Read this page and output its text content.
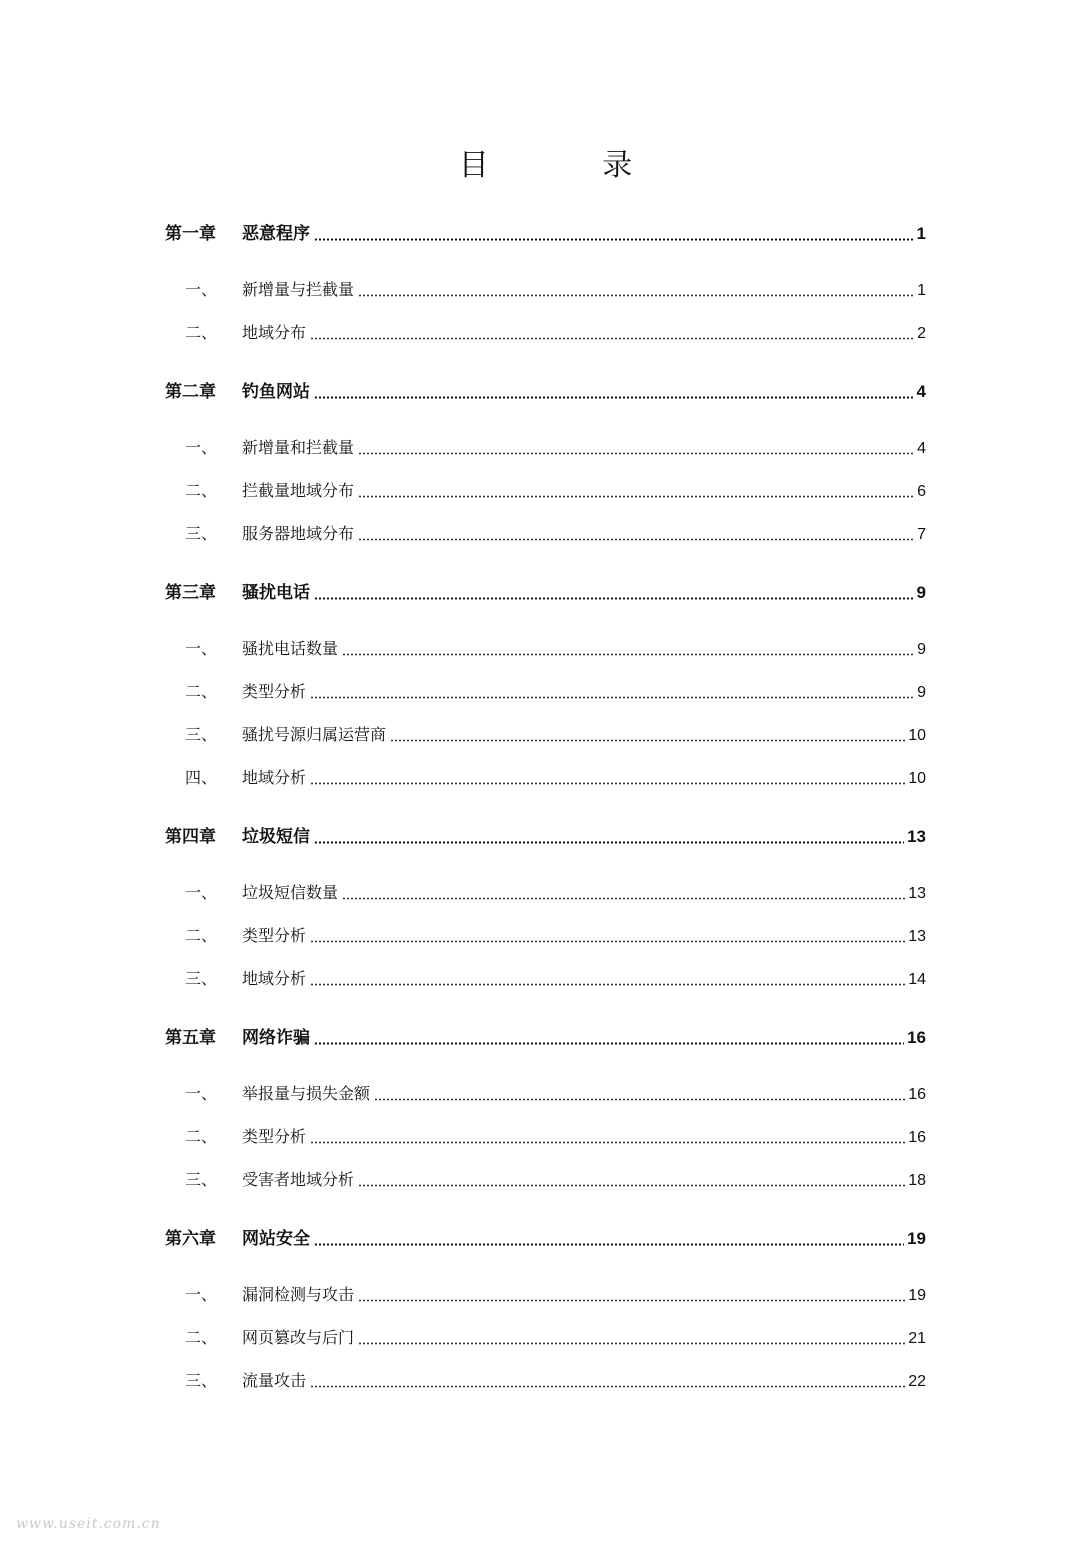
目 录
第一章	恶意程序	1
一、	新增量与拦截量	1
二、	地域分布	2
第二章	钓鱼网站	4
一、	新增量和拦截量	4
二、	拦截量地域分布	6
三、	服务器地域分布	7
第三章	骚扰电话	9
一、	骚扰电话数量	9
二、	类型分析	9
三、	骚扰号源归属运营商	10
四、	地域分析	10
第四章	垃圾短信	13
一、	垃圾短信数量	13
二、	类型分析	13
三、	地域分析	14
第五章	网络诈骗	16
一、	举报量与损失金额	16
二、	类型分析	16
三、	受害者地域分析	18
第六章	网站安全	19
一、	漏洞检测与攻击	19
二、	网页篡改与后门	21
三、	流量攻击	22
www.useit.com.cn
